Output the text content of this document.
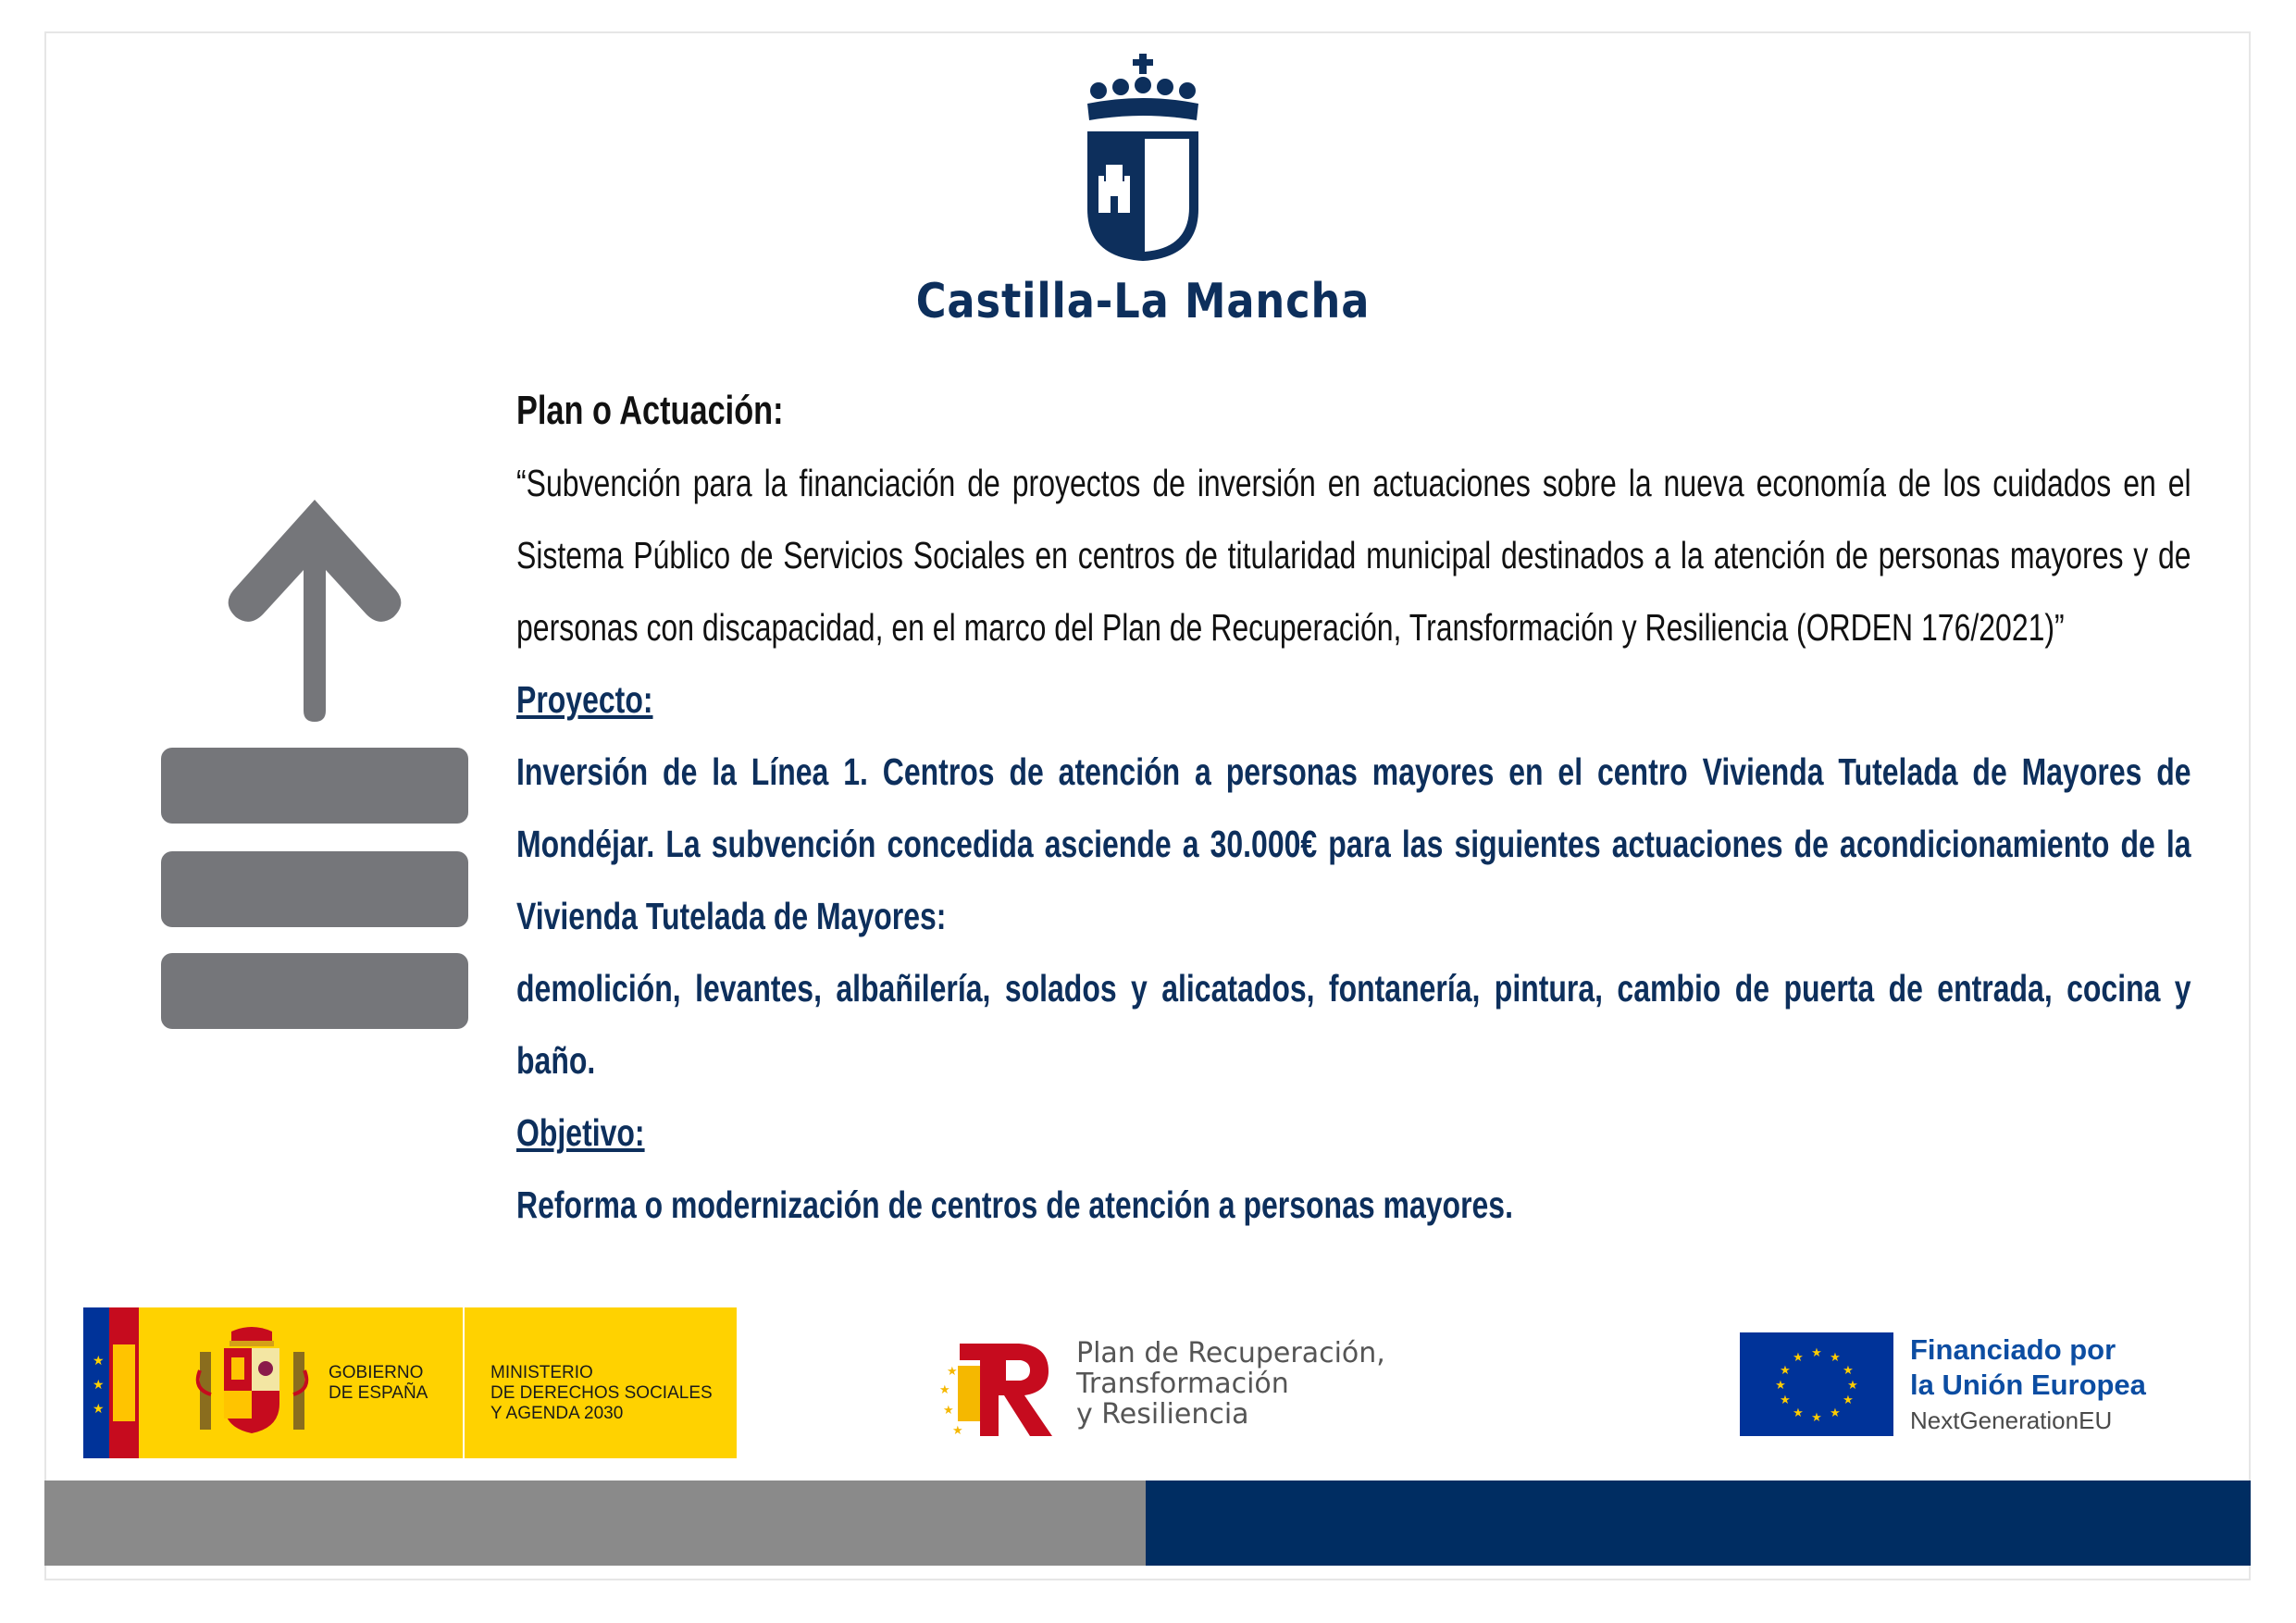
Castilla-La Mancha
Plan o Actuación:
“Subvención para la financiación de proyectos de inversión en actuaciones sobre la nueva economía de los cuidados en el Sistema Público de Servicios Sociales en centros de titularidad municipal destinados a la atención de personas mayores y de personas con discapacidad, en el marco del Plan de Recuperación, Transformación y Resiliencia (ORDEN 176/2021)”
Proyecto:
Inversión de la Línea 1. Centros de atención a personas mayores en el centro Vivienda Tutelada de Mayores de Mondéjar. La subvención concedida asciende a 30.000€ para las siguientes actuaciones de acondicionamiento de la Vivienda Tutelada de Mayores:
demolición, levantes, albañilería, solados y alicatados, fontanería, pintura, cambio de puerta de entrada, cocina y baño.
Objetivo:
Reforma o modernización de centros de atención a personas mayores.
★
★
★
GOBIERNO
DE ESPAÑA
MINISTERIO
DE DERECHOS SOCIALES
Y AGENDA 2030
★
★
★
★
Plan de Recuperación,
Transformación
y Resiliencia
★ ★
★
★
★
★
★
★
★
★
★
★	Financiado por
la Unión Europea
NextGenerationEU
